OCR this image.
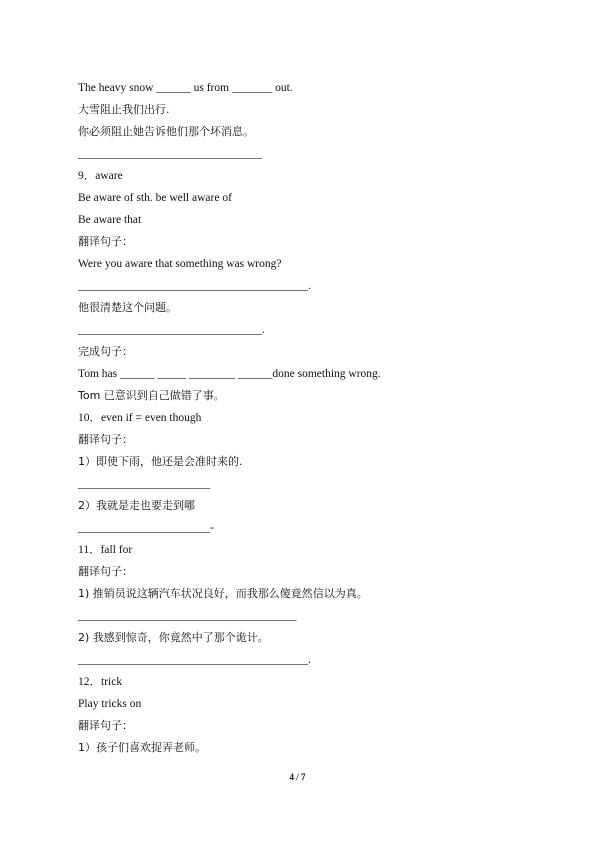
The heavy snow ______ us from _______ out.
大雪阻止我们出行.
你必须阻止她告诉他们那个坏消息。
________________________________
9．aware
Be aware of sth. be well aware of
Be aware that
翻译句子：
Were you aware that something was wrong?
________________________________________.
他很清楚这个问题。
________________________________.
完成句子：
Tom has ______ _____ ________ ______done something wrong.
Tom 已意识到自己做错了事。
10．even if = even though
翻译句子：
1）即使下雨，他还是会准时来的.
_______________________
2）我就是走也要走到哪
_______________________-
11．fall for
翻译句子：
1) 推销员说这辆汽车状况良好，而我那么傻竟然信以为真。
______________________________________
2) 我感到惊奇，你竟然中了那个诡计。
________________________________________.
12．trick
Play tricks on
翻译句子：
1）孩子们喜欢捉弄老师。
4 / 7
